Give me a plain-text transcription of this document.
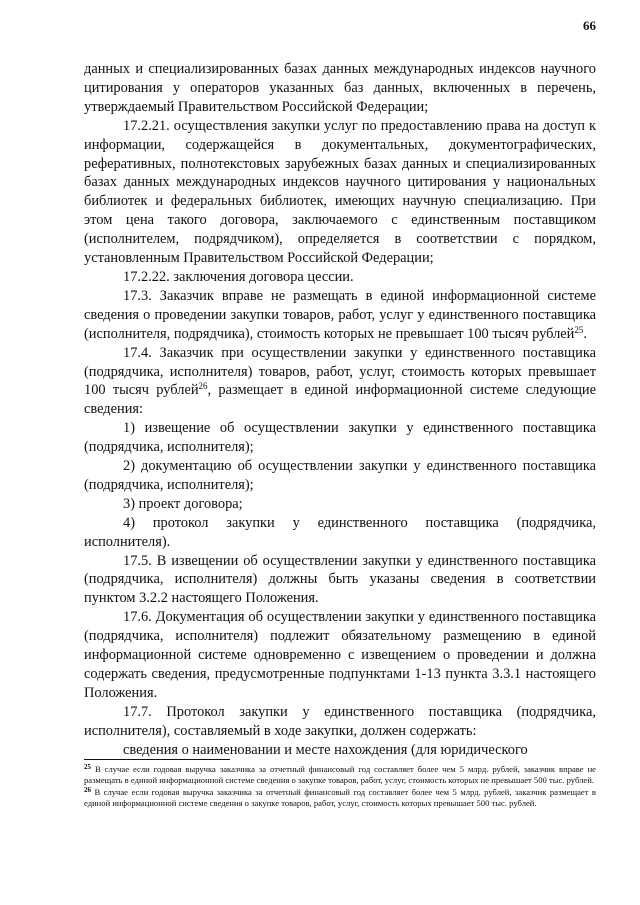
66

данных и специализированных базах данных международных индексов научного цитирования у операторов указанных баз данных, включенных в перечень, утверждаемый Правительством Российской Федерации;

17.2.21. осуществления закупки услуг по предоставлению права на доступ к информации, содержащейся в документальных, документографических, реферативных, полнотекстовых зарубежных базах данных и специализированных базах данных международных индексов научного цитирования у национальных библиотек и федеральных библиотек, имеющих научную специализацию. При этом цена такого договора, заключаемого с единственным поставщиком (исполнителем, подрядчиком), определяется в соответствии с порядком, установленным Правительством Российской Федерации;

17.2.22. заключения договора цессии.

17.3. Заказчик вправе не размещать в единой информационной системе сведения о проведении закупки товаров, работ, услуг у единственного поставщика (исполнителя, подрядчика), стоимость которых не превышает 100 тысяч рублей$^{25}$.

17.4. Заказчик при осуществлении закупки у единственного поставщика (подрядчика, исполнителя) товаров, работ, услуг, стоимость которых превышает 100 тысяч рублей$^{26}$, размещает в единой информационной системе следующие сведения:

1) извещение об осуществлении закупки у единственного поставщика (подрядчика, исполнителя);

2) документацию об осуществлении закупки у единственного поставщика (подрядчика, исполнителя);

3) проект договора;

4) протокол закупки у единственного поставщика (подрядчика, исполнителя).

17.5. В извещении об осуществлении закупки у единственного поставщика (подрядчика, исполнителя) должны быть указаны сведения в соответствии пунктом 3.2.2 настоящего Положения.

17.6. Документация об осуществлении закупки у единственного поставщика (подрядчика, исполнителя) подлежит обязательному размещению в единой информационной системе одновременно с извещением о проведении и должна содержать сведения, предусмотренные подпунктами 1-13 пункта 3.3.1 настоящего Положения.

17.7. Протокол закупки у единственного поставщика (подрядчика, исполнителя), составляемый в ходе закупки, должен содержать:

сведения о наименовании и месте нахождения (для юридического

$^{25}$ В случае если годовая выручка заказчика за отчетный финансовый год составляет более чем 5 млрд. рублей, заказчик вправе не размещать в единой информационной системе сведения о закупке товаров, работ, услуг, стоимость которых не превышает 500 тыс. рублей.

$^{26}$ В случае если годовая выручка заказчика за отчетный финансовый год составляет более чем 5 млрд. рублей, заказчик размещает в единой информационной системе сведения о закупке товаров, работ, услуг, стоимость которых превышает 500 тыс. рублей.
